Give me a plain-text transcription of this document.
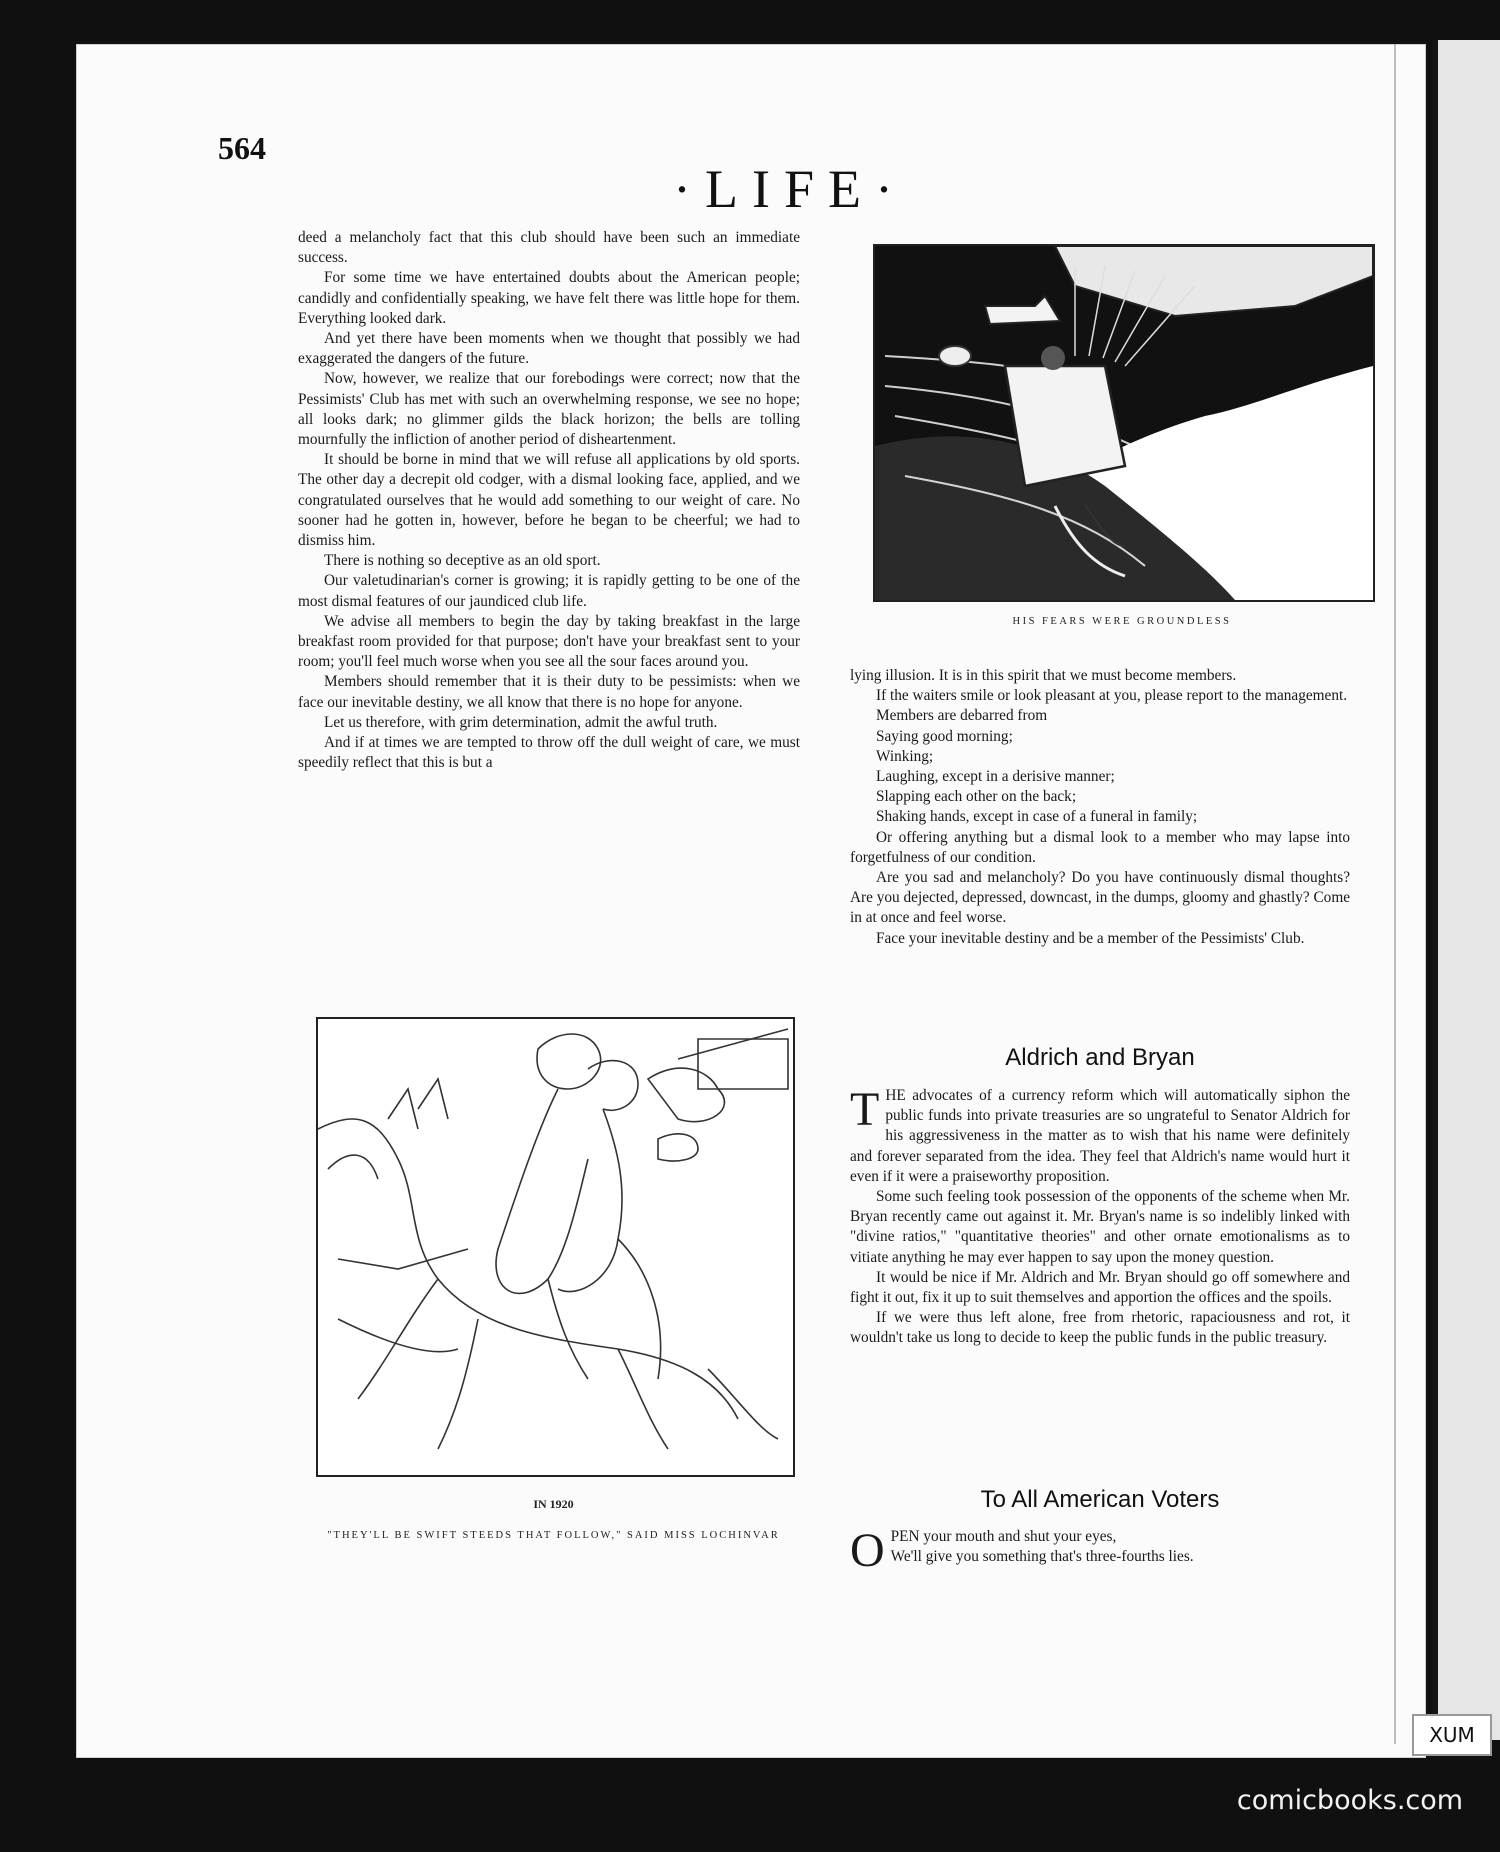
564
·LIFE·

deed a melancholy fact that this club should have been such an immediate success.

For some time we have entertained doubts about the American people; candidly and confidentially speaking, we have felt there was little hope for them. Everything looked dark.

And yet there have been moments when we thought that possibly we had exaggerated the dangers of the future.

Now, however, we realize that our forebodings were correct; now that the Pessimists' Club has met with such an overwhelming response, we see no hope; all looks dark; no glimmer gilds the black horizon; the bells are tolling mournfully the infliction of another period of disheartenment.

It should be borne in mind that we will refuse all applications by old sports. The other day a decrepit old codger, with a dismal looking face, applied, and we congratulated ourselves that he would add something to our weight of care. No sooner had he gotten in, however, before he began to be cheerful; we had to dismiss him.

There is nothing so deceptive as an old sport.

Our valetudinarian's corner is growing; it is rapidly getting to be one of the most dismal features of our jaundiced club life.

We advise all members to begin the day by taking breakfast in the large breakfast room provided for that purpose; don't have your breakfast sent to your room; you'll feel much worse when you see all the sour faces around you.

Members should remember that it is their duty to be pessimists: when we face our inevitable destiny, we all know that there is no hope for anyone.

Let us therefore, with grim determination, admit the awful truth.

And if at times we are tempted to throw off the dull weight of care, we must speedily reflect that this is but a

HIS FEARS WERE GROUNDLESS

lying illusion. It is in this spirit that we must become members.

If the waiters smile or look pleasant at you, please report to the management.

Members are debarred from

Saying good morning;

Winking;

Laughing, except in a derisive manner;

Slapping each other on the back;

Shaking hands, except in case of a funeral in family;

Or offering anything but a dismal look to a member who may lapse into forgetfulness of our condition.

Are you sad and melancholy? Do you have continuously dismal thoughts? Are you dejected, depressed, downcast, in the dumps, gloomy and ghastly? Come in at once and feel worse.

Face your inevitable destiny and be a member of the Pessimists' Club.

Aldrich and Bryan

THE advocates of a currency reform which will automatically siphon the public funds into private treasuries are so ungrateful to Senator Aldrich for his aggressiveness in the matter as to wish that his name were definitely and forever separated from the idea. They feel that Aldrich's name would hurt it even if it were a praiseworthy proposition.

Some such feeling took possession of the opponents of the scheme when Mr. Bryan recently came out against it. Mr. Bryan's name is so indelibly linked with "divine ratios," "quantitative theories" and other ornate emotionalisms as to vitiate anything he may ever happen to say upon the money question.

It would be nice if Mr. Aldrich and Mr. Bryan should go off somewhere and fight it out, fix it up to suit themselves and apportion the offices and the spoils.

If we were thus left alone, free from rhetoric, rapaciousness and rot, it wouldn't take us long to decide to keep the public funds in the public treasury.

To All American Voters

OPEN your mouth and shut your eyes,
We'll give you something that's three-fourths lies.

IN 1920
"THEY'LL BE SWIFT STEEDS THAT FOLLOW," SAID MISS LOCHINVAR
XUM
comicbooks.com
